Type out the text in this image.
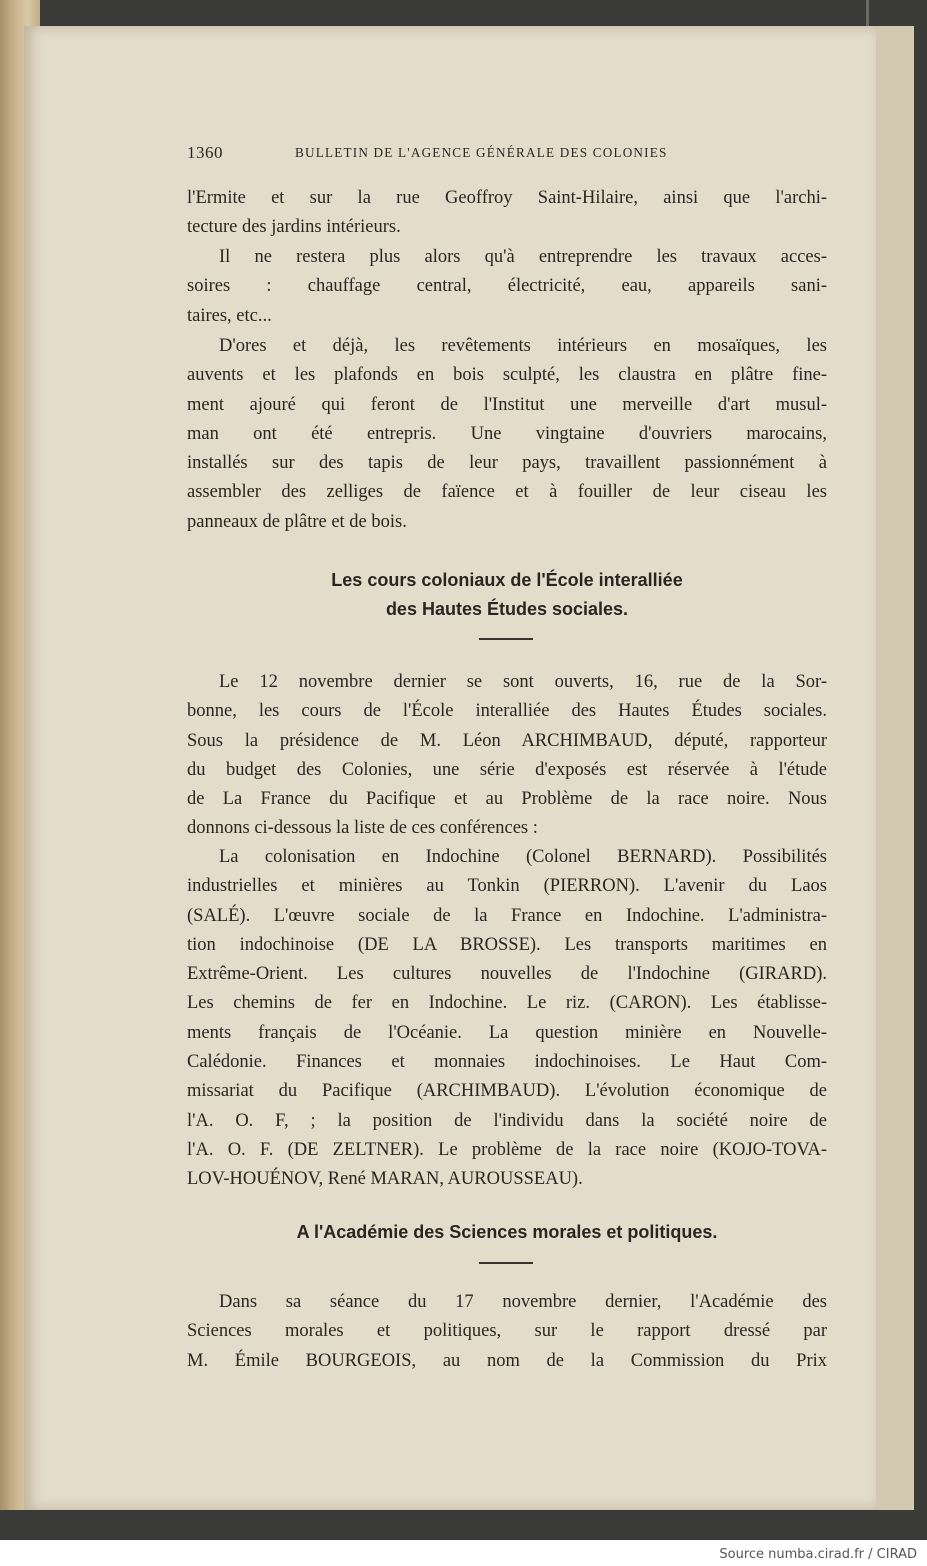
1360	BULLETIN DE L'AGENCE GÉNÉRALE DES COLONIES
l'Ermite et sur la rue Geoffroy Saint-Hilaire, ainsi que l'archi-
tecture des jardins intérieurs.
Il ne restera plus alors qu'à entreprendre les travaux acces-
soires : chauffage central, électricité, eau, appareils sani-
taires, etc...
D'ores et déjà, les revêtements intérieurs en mosaïques, les
auvents et les plafonds en bois sculpté, les claustra en plâtre fine-
ment ajouré qui feront de l'Institut une merveille d'art musul-
man ont été entrepris. Une vingtaine d'ouvriers marocains,
installés sur des tapis de leur pays, travaillent passionnément à
assembler des zelliges de faïence et à fouiller de leur ciseau les
panneaux de plâtre et de bois.
Les cours coloniaux de l'École interalliée
des Hautes Études sociales.
Le 12 novembre dernier se sont ouverts, 16, rue de la Sor-
bonne, les cours de l'École interalliée des Hautes Études sociales.
Sous la présidence de M. Léon ARCHIMBAUD, député, rapporteur
du budget des Colonies, une série d'exposés est réservée à l'étude
de La France du Pacifique et au Problème de la race noire. Nous
donnons ci-dessous la liste de ces conférences :
La colonisation en Indochine (Colonel BERNARD). Possibilités
industrielles et minières au Tonkin (PIERRON). L'avenir du Laos
(SALÉ). L'œuvre sociale de la France en Indochine. L'administra-
tion indochinoise (DE LA BROSSE). Les transports maritimes en
Extrême-Orient. Les cultures nouvelles de l'Indochine (GIRARD).
Les chemins de fer en Indochine. Le riz. (CARON). Les établisse-
ments français de l'Océanie. La question minière en Nouvelle-
Calédonie. Finances et monnaies indochinoises. Le Haut Com-
missariat du Pacifique (ARCHIMBAUD). L'évolution économique de
l'A. O. F, ; la position de l'individu dans la société noire de
l'A. O. F. (DE ZELTNER). Le problème de la race noire (KOJO-TOVA-
LOV-HOUÉNOV, René MARAN, AUROUSSEAU).
A l'Académie des Sciences morales et politiques.
Dans sa séance du 17 novembre dernier, l'Académie des
Sciences morales et politiques, sur le rapport dressé par
M. Émile BOURGEOIS, au nom de la Commission du Prix
Source numba.cirad.fr / CIRAD
